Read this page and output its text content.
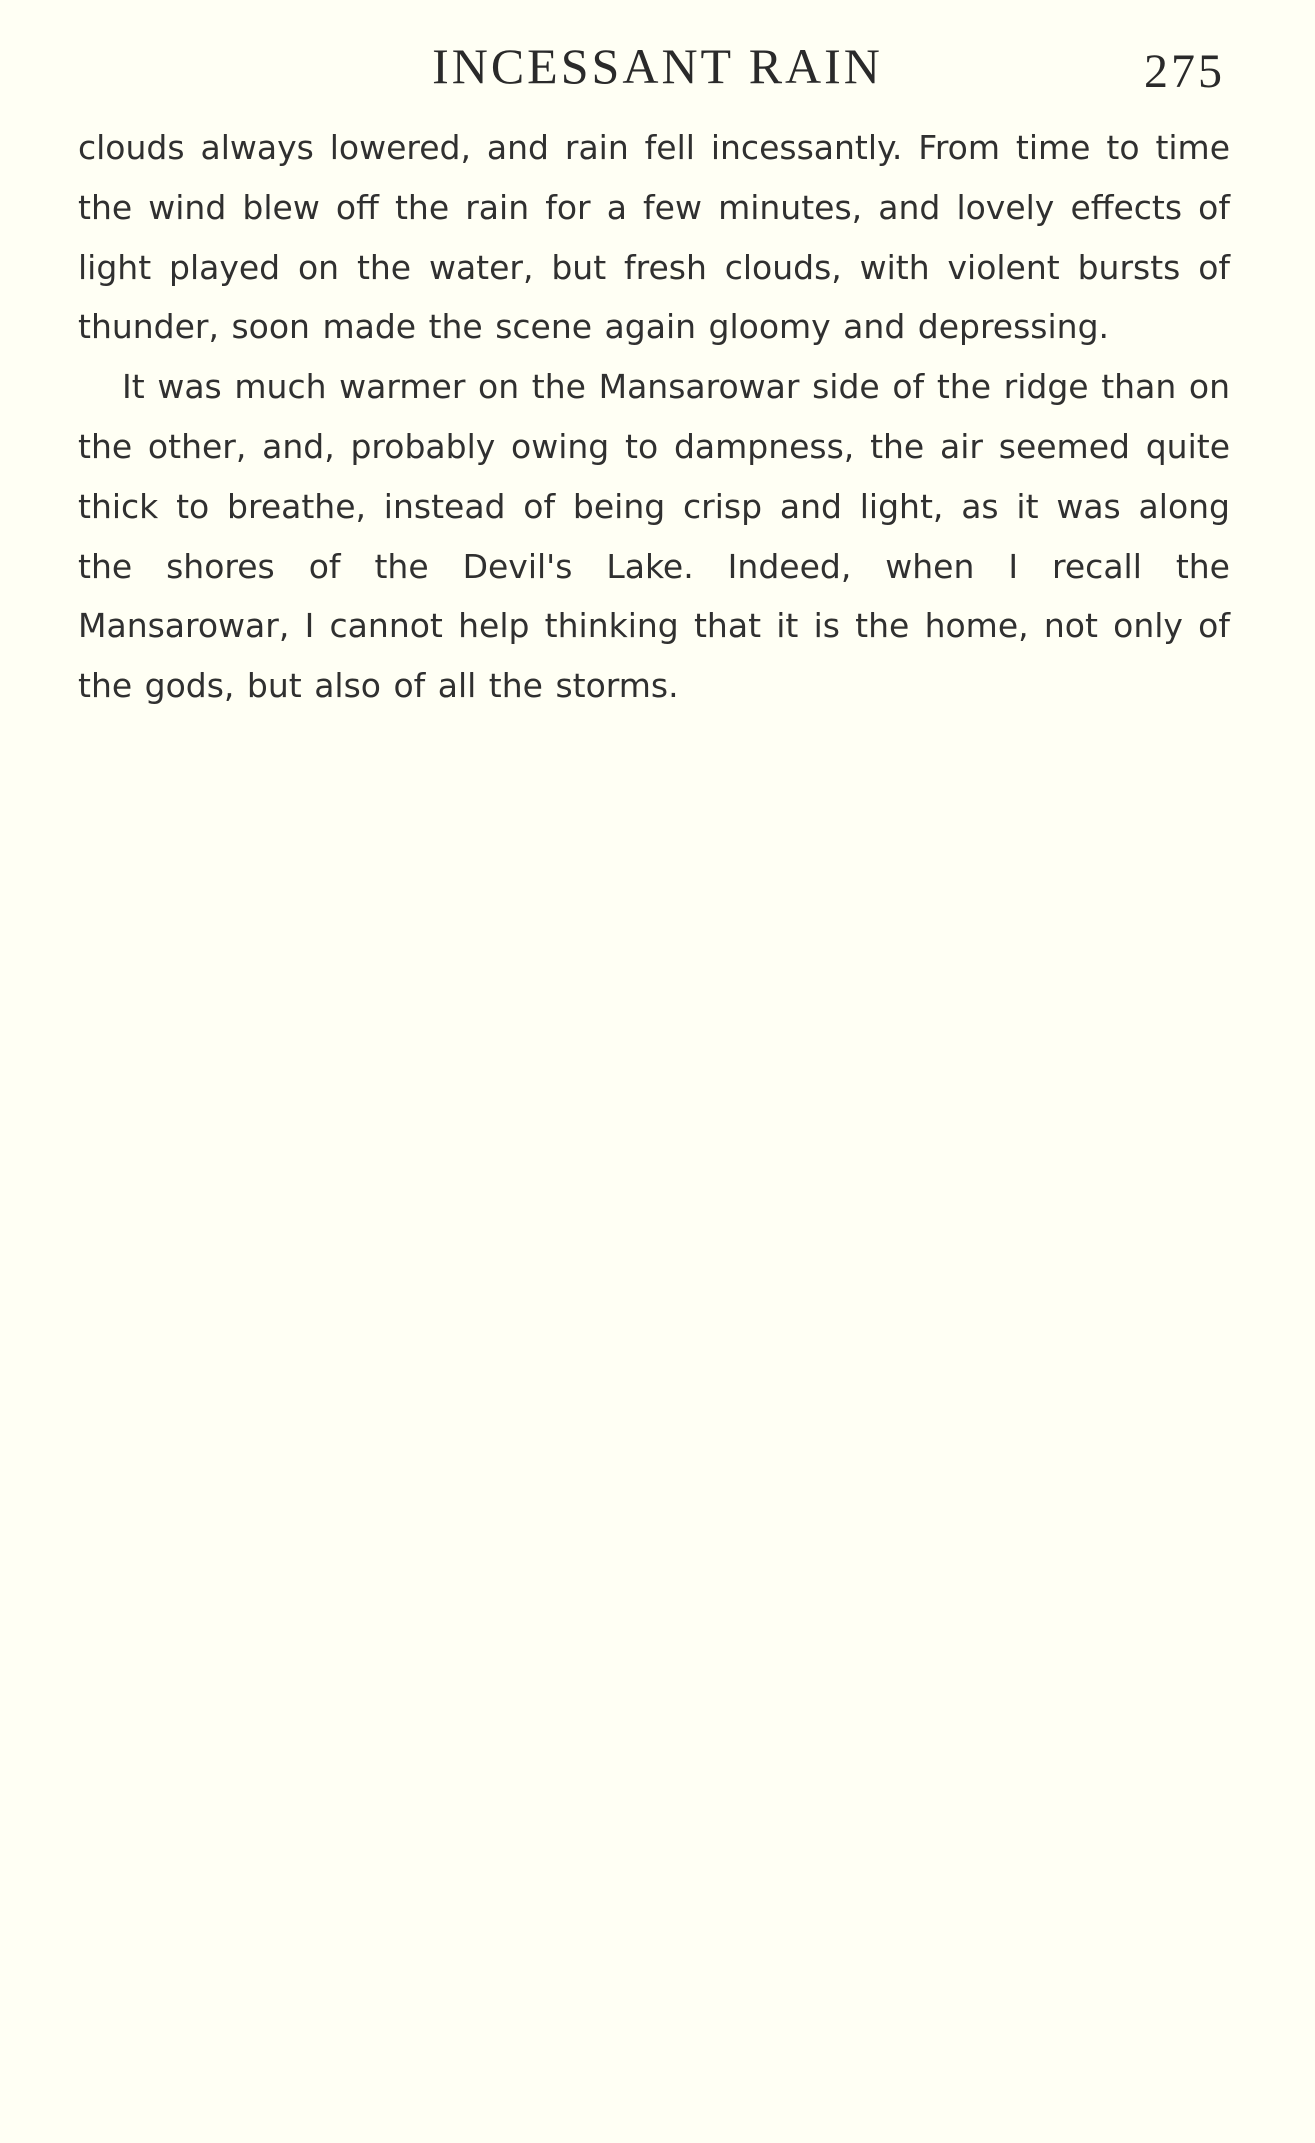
INCESSANT RAIN	275

clouds always lowered, and rain fell incessantly. From time to time the wind blew off the rain for a few minutes, and lovely effects of light played on the water, but fresh clouds, with violent bursts of thunder, soon made the scene again gloomy and depressing.

It was much warmer on the Mansarowar side of the ridge than on the other, and, probably owing to dampness, the air seemed quite thick to breathe, instead of being crisp and light, as it was along the shores of the Devil's Lake. Indeed, when I recall the Mansarowar, I cannot help thinking that it is the home, not only of the gods, but also of all the storms.
